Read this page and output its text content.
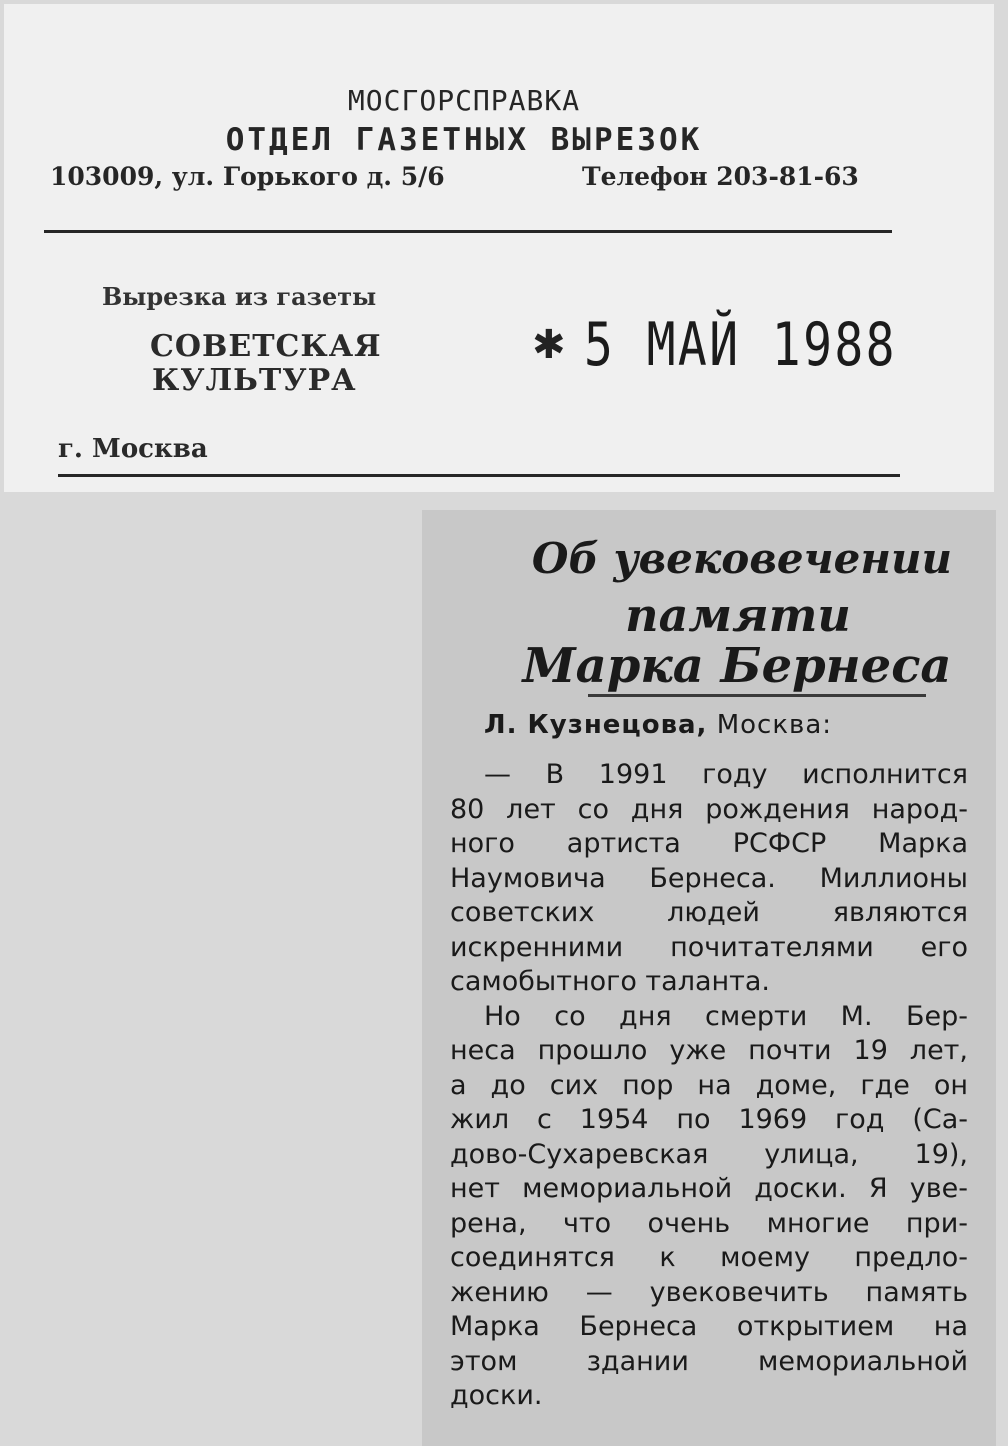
МОСГОРСПРАВКА
ОТДЕЛ ГАЗЕТНЫХ ВЫРЕЗОК
103009, ул. Горького д. 5/6	Телефон 203-81-63
Вырезка из газеты
СОВЕТСКАЯ
КУЛЬТУРА
г. Москва
✱ 5 МАЙ 1988
Об увековечении
памяти
Марка Бернеса
Л. Кузнецова, Москва:
— В 1991 году исполнится
80 лет со дня рождения народ-
ного артиста РСФСР Марка
Наумовича Бернеса. Миллионы
советских людей являются
искренними почитателями его
самобытного таланта.
Но со дня смерти М. Бер-
неса прошло уже почти 19 лет,
а до сих пор на доме, где он
жил с 1954 по 1969 год (Са-
дово-Сухаревская улица, 19),
нет мемориальной доски. Я уве-
рена, что очень многие при-
соединятся к моему предло-
жению — увековечить память
Марка Бернеса открытием на
этом здании мемориальной
доски.
